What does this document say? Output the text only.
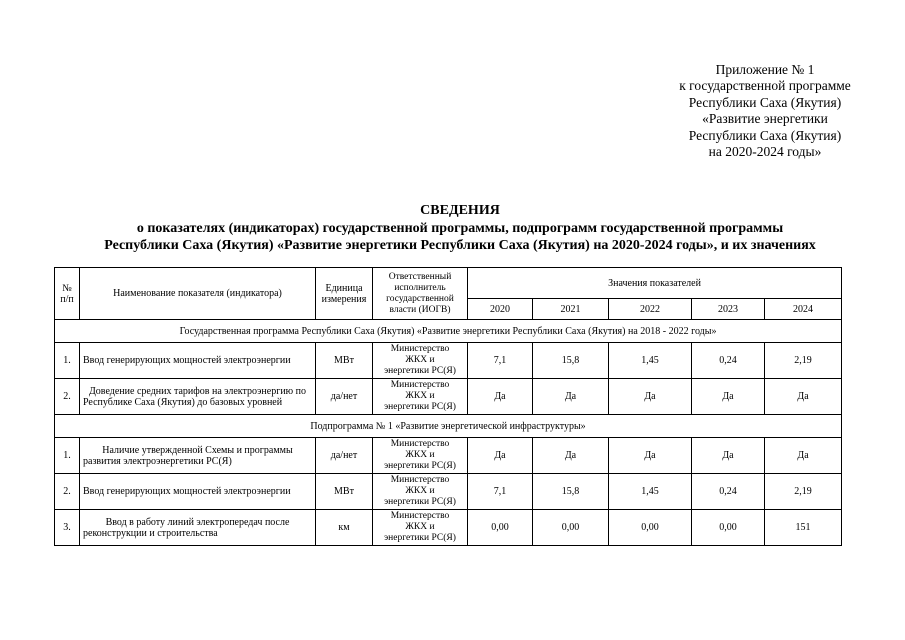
Приложение № 1
к государственной программе
Республики Саха (Якутия)
«Развитие энергетики
Республики Саха (Якутия)
на 2020-2024 годы»
СВЕДЕНИЯ
о показателях (индикаторах) государственной программы, подпрограмм государственной программы
Республики Саха (Якутия) «Развитие энергетики Республики Саха (Якутия) на 2020-2024 годы», и их значениях
№ п/п	Наименование показателя (индикатора)	Единица измерения	Ответственный исполнитель государственной власти (ИОГВ)	Значения показателей				
				2020	2021	2022	2023	2024
Государственная программа Республики Саха (Якутия) «Развитие энергетики Республики Саха (Якутия) на 2018 - 2022 годы»								
1.	Ввод генерирующих мощностей электроэнергии	МВт	Министерство
ЖКХ и
энергетики РС(Я)	7,1	15,8	1,45	0,24	2,19
2.	Доведение средних тарифов на электроэнергию по Республике Саха (Якутия) до базовых уровней	да/нет	Министерство
ЖКХ и
энергетики РС(Я)	Да	Да	Да	Да	Да
Подпрограмма № 1 «Развитие энергетической инфраструктуры»								
1.	Наличие утвержденной Схемы и программы развития электроэнергетики РС(Я)	да/нет	Министерство
ЖКХ и
энергетики РС(Я)	Да	Да	Да	Да	Да
2.	Ввод генерирующих мощностей электроэнергии	МВт	Министерство
ЖКХ и
энергетики РС(Я)	7,1	15,8	1,45	0,24	2,19
3.	Ввод в работу линий электропередач после реконструкции и строительства	км	Министерство
ЖКХ и
энергетики РС(Я)	0,00	0,00	0,00	0,00	151
